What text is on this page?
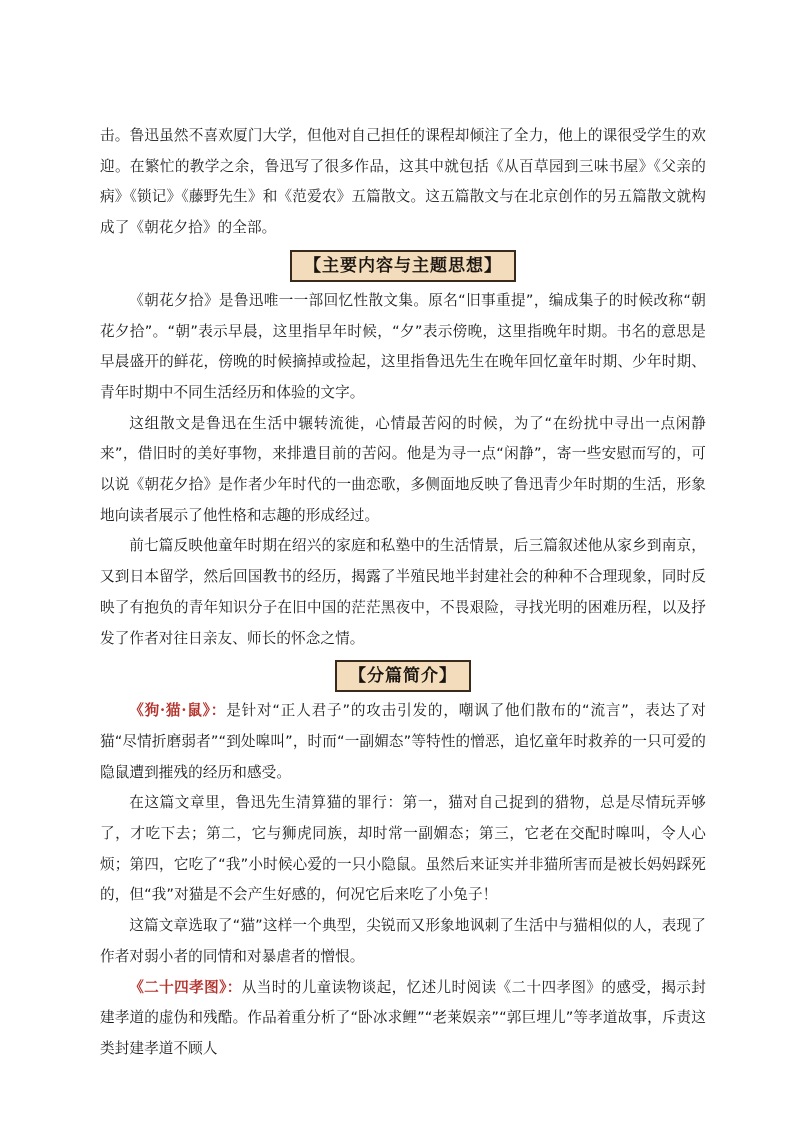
击。鲁迅虽然不喜欢厦门大学，但他对自己担任的课程却倾注了全力，他上的课很受学生的欢迎。在繁忙的教学之余，鲁迅写了很多作品，这其中就包括《从百草园到三味书屋》《父亲的病》《锁记》《藤野先生》和《范爱农》五篇散文。这五篇散文与在北京创作的另五篇散文就构成了《朝花夕拾》的全部。

【主要内容与主题思想】

《朝花夕拾》是鲁迅唯一一部回忆性散文集。原名“旧事重提”，编成集子的时候改称“朝花夕拾”。“朝”表示早晨，这里指早年时候，“夕”表示傍晚，这里指晚年时期。书名的意思是早晨盛开的鲜花，傍晚的时候摘掉或捡起，这里指鲁迅先生在晚年回忆童年时期、少年时期、青年时期中不同生活经历和体验的文字。

这组散文是鲁迅在生活中辗转流徙，心情最苦闷的时候，为了“在纷扰中寻出一点闲静来”，借旧时的美好事物，来排遣目前的苦闷。他是为寻一点“闲静”，寄一些安慰而写的，可以说《朝花夕拾》是作者少年时代的一曲恋歌，多侧面地反映了鲁迅青少年时期的生活，形象地向读者展示了他性格和志趣的形成经过。

前七篇反映他童年时期在绍兴的家庭和私塾中的生活情景，后三篇叙述他从家乡到南京，又到日本留学，然后回国教书的经历，揭露了半殖民地半封建社会的种种不合理现象，同时反映了有抱负的青年知识分子在旧中国的茫茫黑夜中，不畏艰险，寻找光明的困难历程，以及抒发了作者对往日亲友、师长的怀念之情。

【分篇简介】

《狗·猫·鼠》：是针对“正人君子”的攻击引发的，嘲讽了他们散布的“流言”，表达了对猫“尽情折磨弱者”“到处嗥叫”，时而“一副媚态”等特性的憎恶，追忆童年时救养的一只可爱的隐鼠遭到摧残的经历和感受。

在这篇文章里，鲁迅先生清算猫的罪行：第一，猫对自己捉到的猎物，总是尽情玩弄够了，才吃下去；第二，它与狮虎同族，却时常一副媚态；第三，它老在交配时嗥叫，令人心烦；第四，它吃了“我”小时候心爱的一只小隐鼠。虽然后来证实并非猫所害而是被长妈妈踩死的，但“我”对猫是不会产生好感的，何况它后来吃了小兔子！

这篇文章选取了“猫”这样一个典型，尖锐而又形象地讽刺了生活中与猫相似的人，表现了作者对弱小者的同情和对暴虐者的憎恨。

《二十四孝图》：从当时的儿童读物谈起，忆述儿时阅读《二十四孝图》的感受，揭示封建孝道的虚伪和残酷。作品着重分析了“卧冰求鲤”“老莱娱亲”“郭巨埋儿”等孝道故事，斥责这类封建孝道不顾人
